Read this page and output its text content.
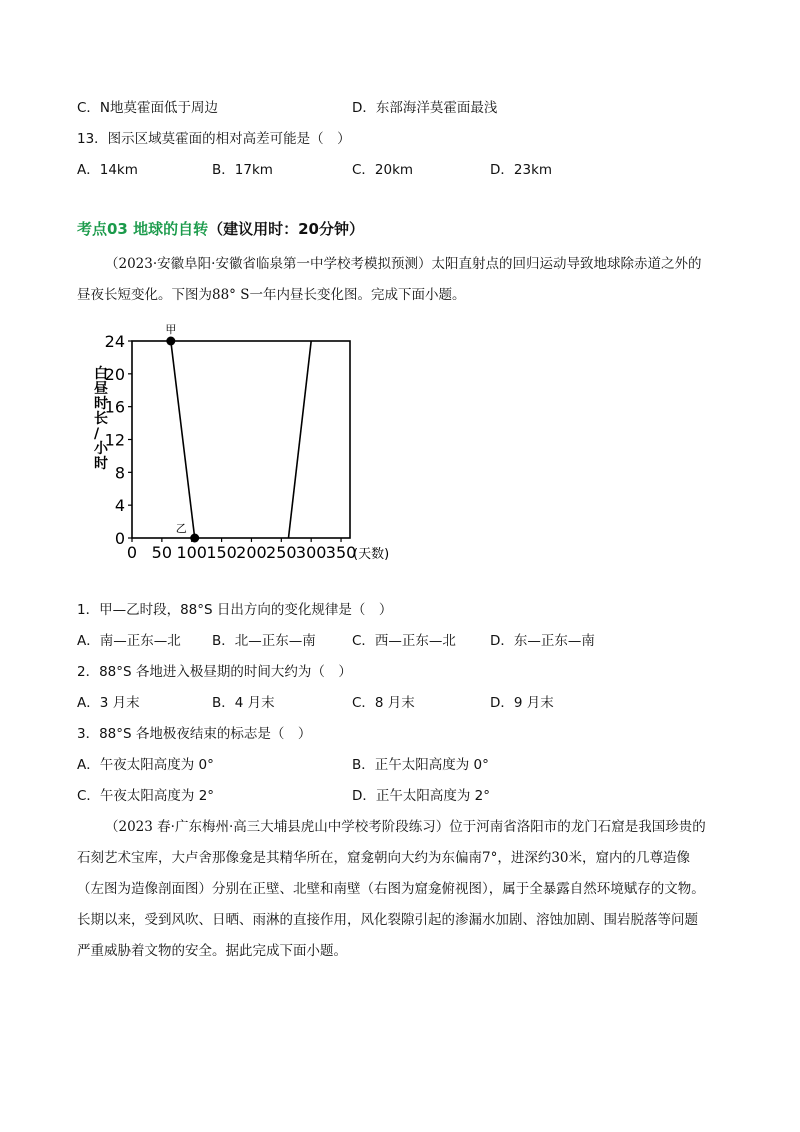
C．N地莫霍面低于周边	D．东部海洋莫霍面最浅
13．图示区域莫霍面的相对高差可能是（　）
A．14km	B．17km	C．20km	D．23km
考点03 地球的自转（建议用时：20分钟）
（2023·安徽阜阳·安徽省临泉第一中学校考模拟预测）太阳直射点的回归运动导致地球除赤道之外的
昼夜长短变化。下图为88° S一年内昼长变化图。完成下面小题。
0
4
8
12
16
20
24
0 50 100 150 200 250 300 350
(天数)
白昼时长/小时
甲
乙
1．甲—乙时段，88°S 日出方向的变化规律是（　）
A．南—正东—北 B．北—正东—南	C．西—正东—北	D．东—正东—南
2．88°S 各地进入极昼期的时间大约为（　）
A．3 月末	B．4 月末	C．8 月末	D．9 月末
3．88°S 各地极夜结束的标志是（　）
A．午夜太阳高度为 0°	B．正午太阳高度为 0°
C．午夜太阳高度为 2°	D．正午太阳高度为 2°
（2023 春·广东梅州·高三大埔县虎山中学校考阶段练习）位于河南省洛阳市的龙门石窟是我国珍贵的
石刻艺术宝库，大卢舍那像龛是其精华所在，窟龛朝向大约为东偏南7°，进深约30米，窟内的几尊造像
（左图为造像剖面图）分别在正壁、北壁和南壁（右图为窟龛俯视图），属于全暴露自然环境赋存的文物。
长期以来，受到风吹、日晒、雨淋的直接作用，风化裂隙引起的渗漏水加剧、溶蚀加剧、围岩脱落等问题
严重威胁着文物的安全。据此完成下面小题。
